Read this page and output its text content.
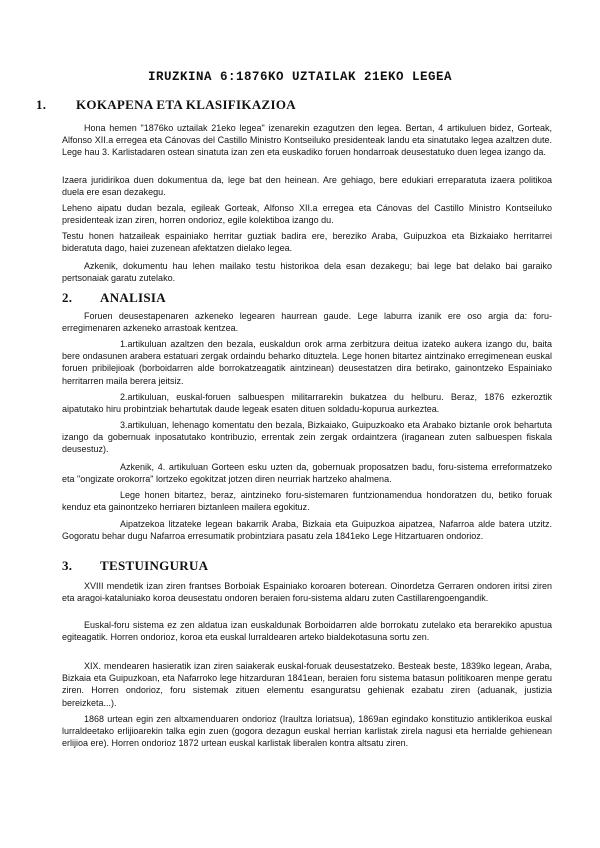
IRUZKINA 6:1876KO UZTAILAK 21EKO LEGEA
1. KOKAPENA ETA KLASIFIKAZIOA
Hona hemen "1876ko uztailak 21eko legea" izenarekin ezagutzen den legea. Bertan, 4 artikuluen bidez, Gorteak, Alfonso XII.a erregea eta Cánovas del Castillo Ministro Kontseiluko presidenteak landu eta sinatutako legea azaltzen dute. Lege hau 3. Karlistadaren ostean sinatuta izan zen eta euskadiko foruen hondarroak deusestatuko duen legea izango da.
Izaera juridirikoa duen dokumentua da, lege bat den heinean. Are gehiago, bere edukiari erreparatuta izaera politikoa duela ere esan dezakegu.
Leheno aipatu dudan bezala, egileak Gorteak, Alfonso XII.a erregea eta Cánovas del Castillo Ministro Kontseiluko presidenteak izan ziren, horren ondorioz, egile kolektiboa izango du.
Testu honen hatzaileak espainiako herritar guztiak badira ere, bereziko Araba, Guipuzkoa eta Bizkaiako herritarrei bideratuta dago, haiei zuzenean afektatzen dielako legea.
Azkenik, dokumentu hau lehen mailako testu historikoa dela esan dezakegu; bai lege bat delako bai garaiko pertsonaiak garatu zutelako.
2. ANALISIA
Foruen deusestapenaren azkeneko legearen haurrean gaude. Lege laburra izanik ere oso argia da: foru-erregimenaren azkeneko arrastoak kentzea.
1.artikuluan azaltzen den bezala, euskaldun orok arma zerbitzura deitua izateko aukera izango du, baita bere ondasunen arabera estatuari zergak ordaindu beharko dituztela. Lege honen bitartez aintzinako erregimenean euskal foruen pribilejioak (borboidarren alde borrokatzeagatik aintzinean) deusestatzen dira betirako, gainontzeko Espainiako herritarren maila berera jeitsiz.
2.artikuluan, euskal-foruen salbuespen militarrarekin bukatzea du helburu. Beraz, 1876 ezkeroztik aipatutako hiru probintziak behartutak daude legeak esaten dituen soldadu-kopurua aurkeztea.
3.artikuluan, lehenago komentatu den bezala, Bizkaiako, Guipuzkoako eta Arabako biztanle orok behartuta izango da gobernuak inposatutako kontribuzio, errentak zein zergak ordaintzera (iraganean zuten salbuespen fiskala deusestuz).
Azkenik, 4. artikuluan Gorteen esku uzten da, gobernuak proposatzen badu, foru-sistema erreformatzeko eta "ongizate orokorra" lortzeko egokitzat jotzen diren neurriak hartzeko ahalmena.
Lege honen bitartez, beraz, aintzineko foru-sistemaren funtzionamendua hondoratzen du, betiko foruak kenduz eta gainontzeko herriaren biztanleen mailera egokituz.
Aipatzekoa litzateke legean bakarrik Araba, Bizkaia eta Guipuzkoa aipatzea, Nafarroa alde batera utzitz. Gogoratu behar dugu Nafarroa erresumatik probintziara pasatu zela 1841eko Lege Hitzartuaren ondorioz.
3. TESTUINGURUA
XVIII mendetik izan ziren frantses Borboiak Espainiako koroaren boterean. Oinordetza Gerraren ondoren iritsi ziren eta aragoi-kataluniako koroa deusestatu ondoren beraien foru-sistema aldaru zuten Castillarengoengandik.
Euskal-foru sistema ez zen aldatua izan euskaldunak Borboidarren alde borrokatu zutelako eta berarekiko apustua egiteagatik. Horren ondorioz, koroa eta euskal lurraldearen arteko bialdekotasuna sortu zen.
XIX. mendearen hasieratik izan ziren saiakerak euskal-foruak deusestatzeko. Besteak beste, 1839ko legean, Araba, Bizkaia eta Guipuzkoan, eta Nafarroko lege hitzarduran 1841ean, beraien foru sistema batasun politikoaren menpe geratu ziren. Horren ondorioz, foru sistemak zituen elementu esanguratsu gehienak ezabatu ziren (aduanak, justizia bereizketa...).
1868 urtean egin zen altxamenduaren ondorioz (Iraultza loriatsua), 1869an egindako konstituzio antiklerikoa euskal lurraldeetako erlijioarekin talka egin zuen (gogora dezagun euskal herrian karlistak zirela nagusi eta herrialde gehienean erlijioa ere). Horren ondorioz 1872 urtean euskal karlistak liberalen kontra altsatu ziren.
